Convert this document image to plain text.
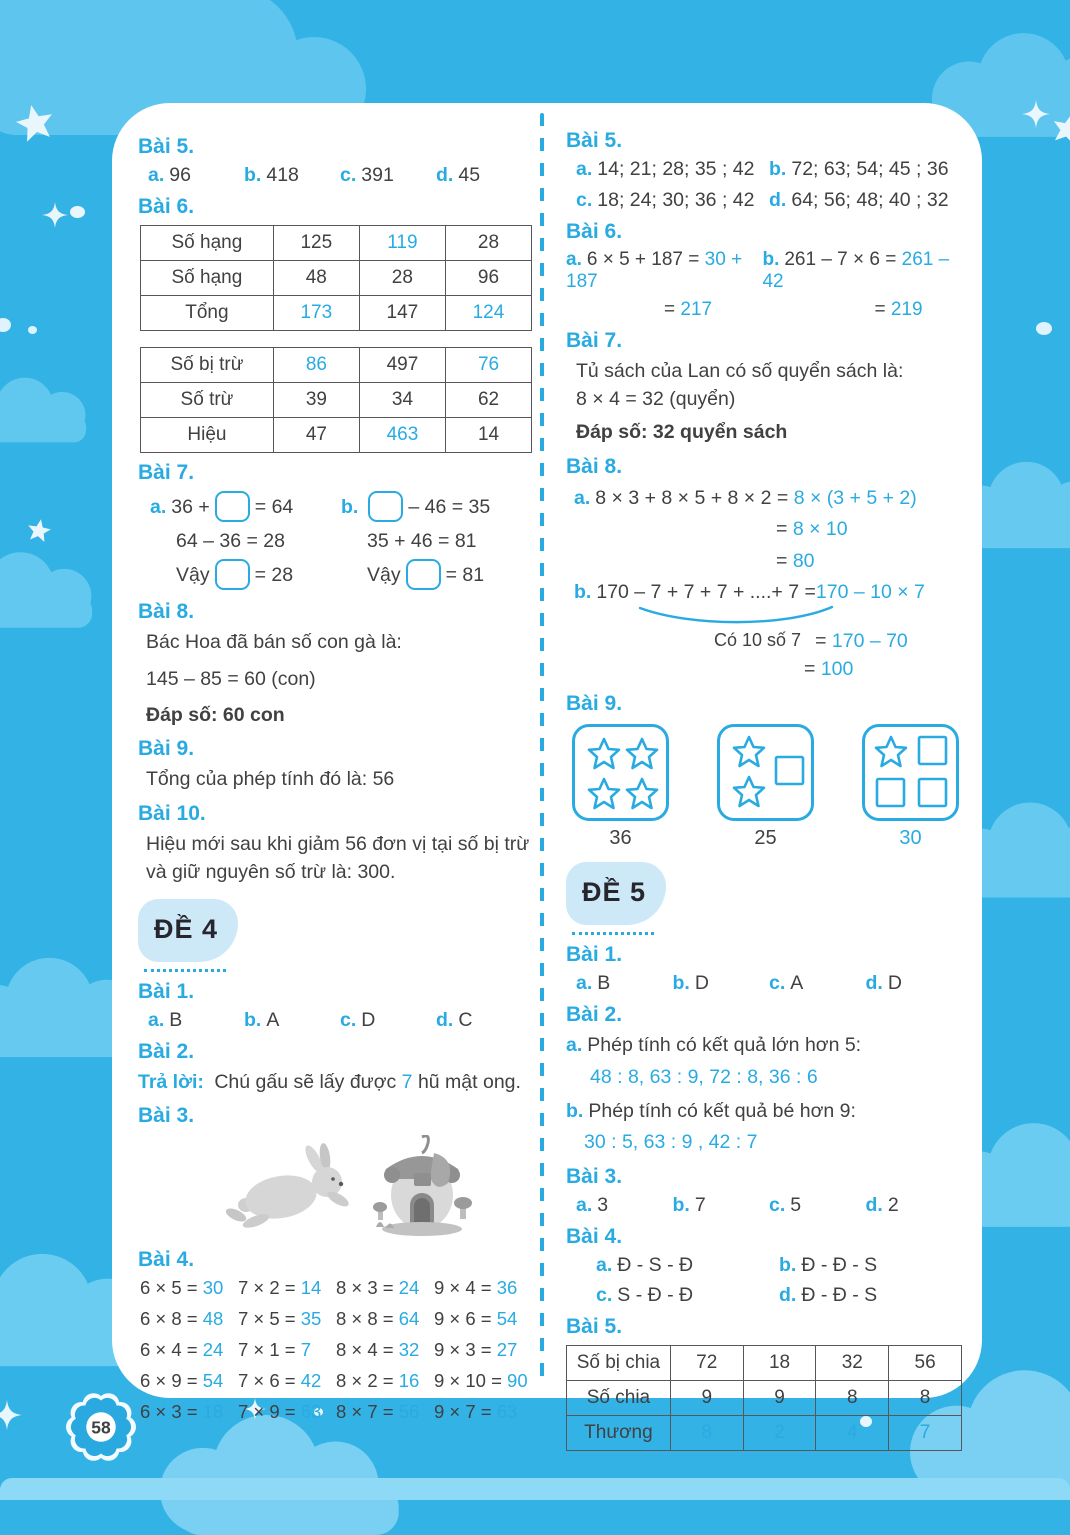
Bài 5.
a. 96	b. 418	c. 391	d. 45
Bài 6.
Số hạng	125	119	28
Số hạng	48	28	96
Tổng	173	147	124
Số bị trừ	86	497	76
Số trừ	39	34	62
Hiệu	47	463	14
Bài 7.
a. 36 + = 64
64 – 36 = 28
Vậy = 28
b.	– 46 = 35
35 + 46 = 81
Vậy = 81
Bài 8.
Bác Hoa đã bán số con gà là:
145 – 85 = 60 (con)
Đáp số: 60 con
Bài 9.
Tổng của phép tính đó là: 56
Bài 10.
Hiệu mới sau khi giảm 56 đơn vị tại số bị trừ và giữ nguyên số trừ là: 300.
ĐỀ 4
Bài 1.
a. B	b. A	c. D	d. C
Bài 2.
Trả lời: Chú gấu sẽ lấy được 7 hũ mật ong.
Bài 3.
Bài 4.
6 × 5 = 30 7 × 2 = 14 8 × 3 = 24 9 × 4 = 36
6 × 8 = 48 7 × 5 = 35 8 × 8 = 64 9 × 6 = 54
6 × 4 = 24 7 × 1 = 7	8 × 4 = 32 9 × 3 = 27
6 × 9 = 54 7 × 6 = 42 8 × 2 = 16 9 × 10 = 90
6 × 3 = 18 7 × 9 = 63 8 × 7 = 56 9 × 7 = 63
Bài 5.
a. 14; 21; 28; 35 ; 42 b. 72; 63; 54; 45 ; 36
c. 18; 24; 30; 36 ; 42 d. 64; 56; 48; 40 ; 32
Bài 6.
a. 6 × 5 + 187 = 30 + 187
= 217
b. 261 – 7 × 6 = 261 – 42
= 219
Bài 7.
Tủ sách của Lan có số quyển sách là:
8 × 4 = 32 (quyển)
Đáp số: 32 quyển sách
Bài 8.
a. 8 × 3 + 8 × 5 + 8 × 2 = 8 × (3 + 5 + 2)
= 8 × 10
= 80
b. 170 – 7 + 7 + 7 + ....+ 7 =170 – 10 × 7
Có 10 số 7 = 170 – 70
= 100
Bài 9.
36	25	30
ĐỀ 5
Bài 1.
a. B	b. D	c. A	d. D
Bài 2.
a. Phép tính có kết quả lớn hơn 5:
48 : 8, 63 : 9, 72 : 8, 36 : 6
b. Phép tính có kết quả bé hơn 9:
30 : 5, 63 : 9 , 42 : 7
Bài 3.
a. 3	b. 7	c. 5	d. 2
Bài 4.
a. Đ - S - Đ	b. Đ - Đ - S
c. S - Đ - Đ	d. Đ - Đ - S
Bài 5.
Số bị chia	72	18	32	56
Số chia	9	9	8	8
Thương	8	2	4	7
58
